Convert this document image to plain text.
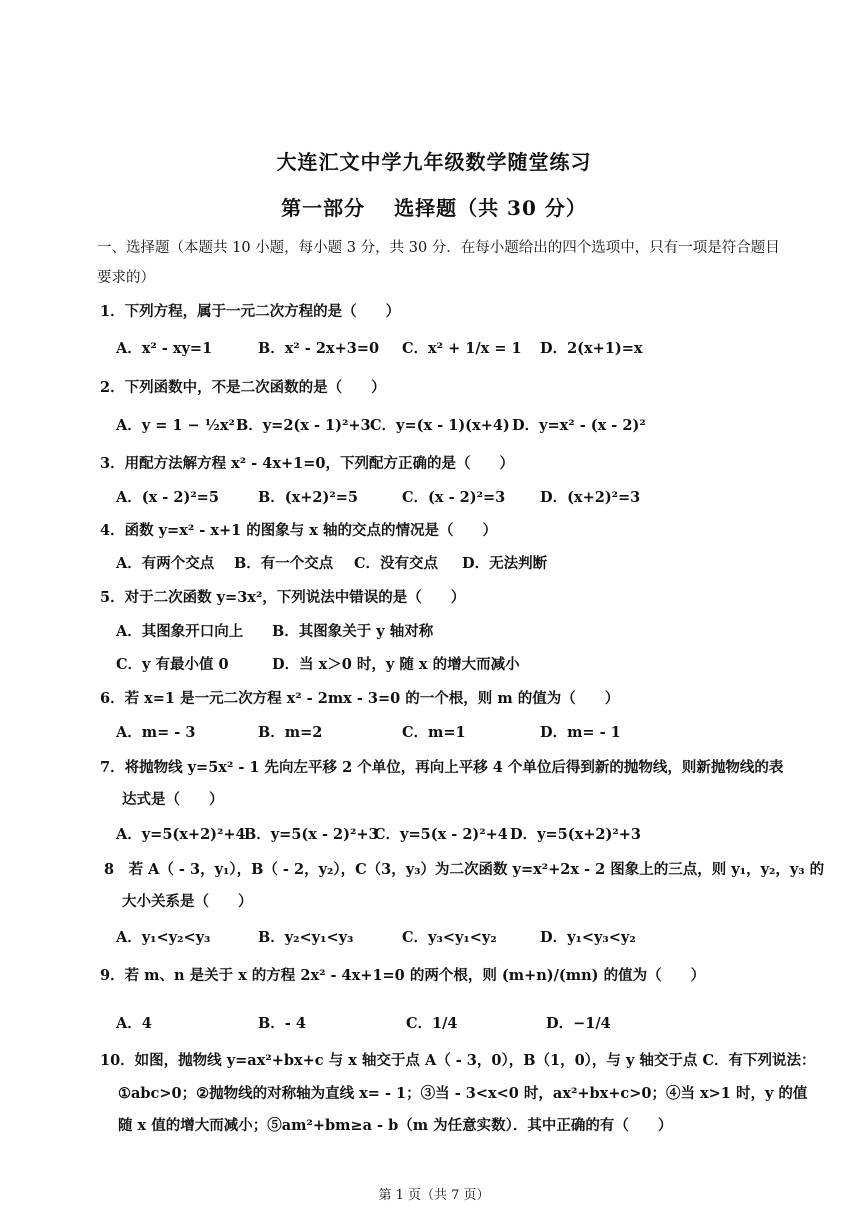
大连汇文中学九年级数学随堂练习
第一部分　 选择题（共 30 分）
一、选择题（本题共 10 小题，每小题 3 分，共 30 分．在每小题给出的四个选项中，只有一项是符合题目
要求的）
1．下列方程，属于一元二次方程的是（　　）
A．x² - xy=1	B．x² - 2x+3=0 C．x² + 1/x = 1 D．2(x+1)=x
2．下列函数中，不是二次函数的是（　　）
A．y = 1 − ½x² B．y=2(x - 1)²+3 C．y=(x - 1)(x+4) D．y=x² - (x - 2)²
3．用配方法解方程 x² - 4x+1=0，下列配方正确的是（　　）
A．(x - 2)²=5	B．(x+2)²=5	C．(x - 2)²=3 D．(x+2)²=3
4．函数 y=x² - x+1 的图象与 x 轴的交点的情况是（　　）
A．有两个交点 B．有一个交点 C．没有交点 D．无法判断
5．对于二次函数 y=3x²，下列说法中错误的是（　　）
A．其图象开口向上 B．其图象关于 y 轴对称
C．y 有最小值 0	D．当 x＞0 时，y 随 x 的增大而减小
6．若 x=1 是一元二次方程 x² - 2mx - 3=0 的一个根，则 m 的值为（　　）
A．m= - 3	B．m=2	C．m=1	D．m= - 1
7．将抛物线 y=5x² - 1 先向左平移 2 个单位，再向上平移 4 个单位后得到新的抛物线，则新抛物线的表
达式是（　　）
A．y=5(x+2)²+4
B．y=5(x - 2)²+3
C．y=5(x - 2)²+4 D．y=5(x+2)²+3
8　若 A（ - 3，y₁），B（ - 2，y₂），C（3，y₃）为二次函数 y=x²+2x - 2 图象上的三点，则 y₁，y₂，y₃ 的
大小关系是（　　）
A．y₁<y₂<y₃	B．y₂<y₁<y₃	C．y₃<y₁<y₂	D．y₁<y₃<y₂
9．若 m、n 是关于 x 的方程 2x² - 4x+1=0 的两个根，则 (m+n)/(mn) 的值为（　　）
A．4	B．- 4	C．1/4	D．−1/4
10．如图，抛物线 y=ax²+bx+c 与 x 轴交于点 A（ - 3，0），B（1，0），与 y 轴交于点 C．有下列说法：
①abc>0；②抛物线的对称轴为直线 x= - 1；③当 - 3<x<0 时，ax²+bx+c>0；④当 x>1 时，y 的值
随 x 值的增大而减小；⑤am²+bm≥a - b（m 为任意实数）．其中正确的有（　　）
第 1 页（共 7 页）
